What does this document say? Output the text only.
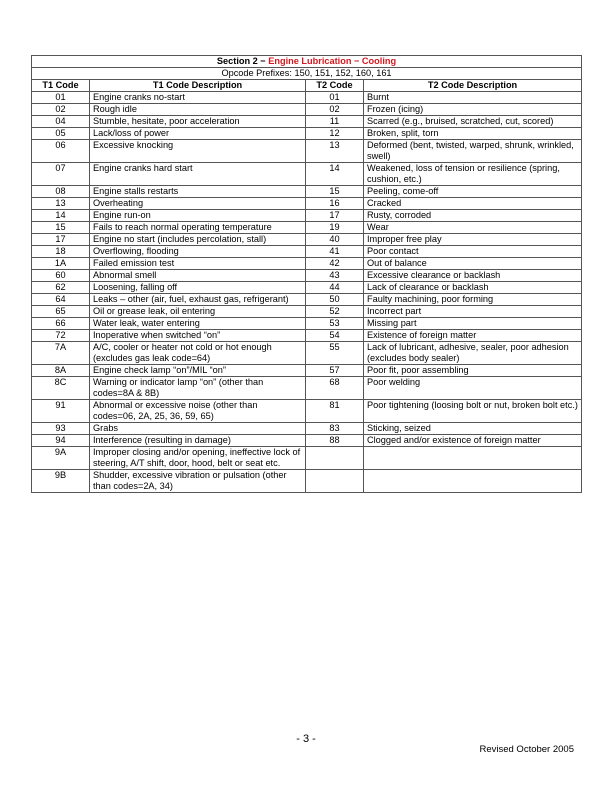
Section 2 − Engine Lubrication − Cooling			
Opcode Prefixes: 150, 151, 152, 160, 161			
T1 Code	T1 Code Description	T2 Code	T2 Code Description
01	Engine cranks no-start	01	Burnt
02	Rough idle	02	Frozen (icing)
04	Stumble, hesitate, poor acceleration	11	Scarred (e.g., bruised, scratched, cut, scored)
05	Lack/loss of power	12	Broken, split, torn
06	Excessive knocking	13	Deformed (bent, twisted, warped, shrunk, wrinkled, swell)
07	Engine cranks hard start	14	Weakened, loss of tension or resilience (spring, cushion, etc.)
08	Engine stalls restarts	15	Peeling, come-off
13	Overheating	16	Cracked
14	Engine run-on	17	Rusty, corroded
15	Fails to reach normal operating temperature	19	Wear
17	Engine no start (includes percolation, stall)	40	Improper free play
18	Overflowing, flooding	41	Poor contact
1A	Failed emission test	42	Out of balance
60	Abnormal smell	43	Excessive clearance or backlash
62	Loosening, falling off	44	Lack of clearance or backlash
64	Leaks – other (air, fuel, exhaust gas, refrigerant)	50	Faulty machining, poor forming
65	Oil or grease leak, oil entering	52	Incorrect part
66	Water leak, water entering	53	Missing part
72	Inoperative when switched “on”	54	Existence of foreign matter
7A	A/C, cooler or heater not cold or hot enough (excludes gas leak code=64)	55	Lack of lubricant, adhesive, sealer, poor adhesion (excludes body sealer)
8A	Engine check lamp “on”/MIL “on”	57	Poor fit, poor assembling
8C	Warning or indicator lamp “on” (other than codes=8A & 8B)	68	Poor welding
91	Abnormal or excessive noise (other than codes=06, 2A, 25, 36, 59, 65)	81	Poor tightening (loosing bolt or nut, broken bolt etc.)
93	Grabs	83	Sticking, seized
94	Interference (resulting in damage)	88	Clogged and/or existence of foreign matter
9A	Improper closing and/or opening, ineffective lock of steering, A/T shift, door, hood, belt or seat etc.		
9B	Shudder, excessive vibration or pulsation (other than codes=2A, 34)		
- 3 -
Revised October 2005
